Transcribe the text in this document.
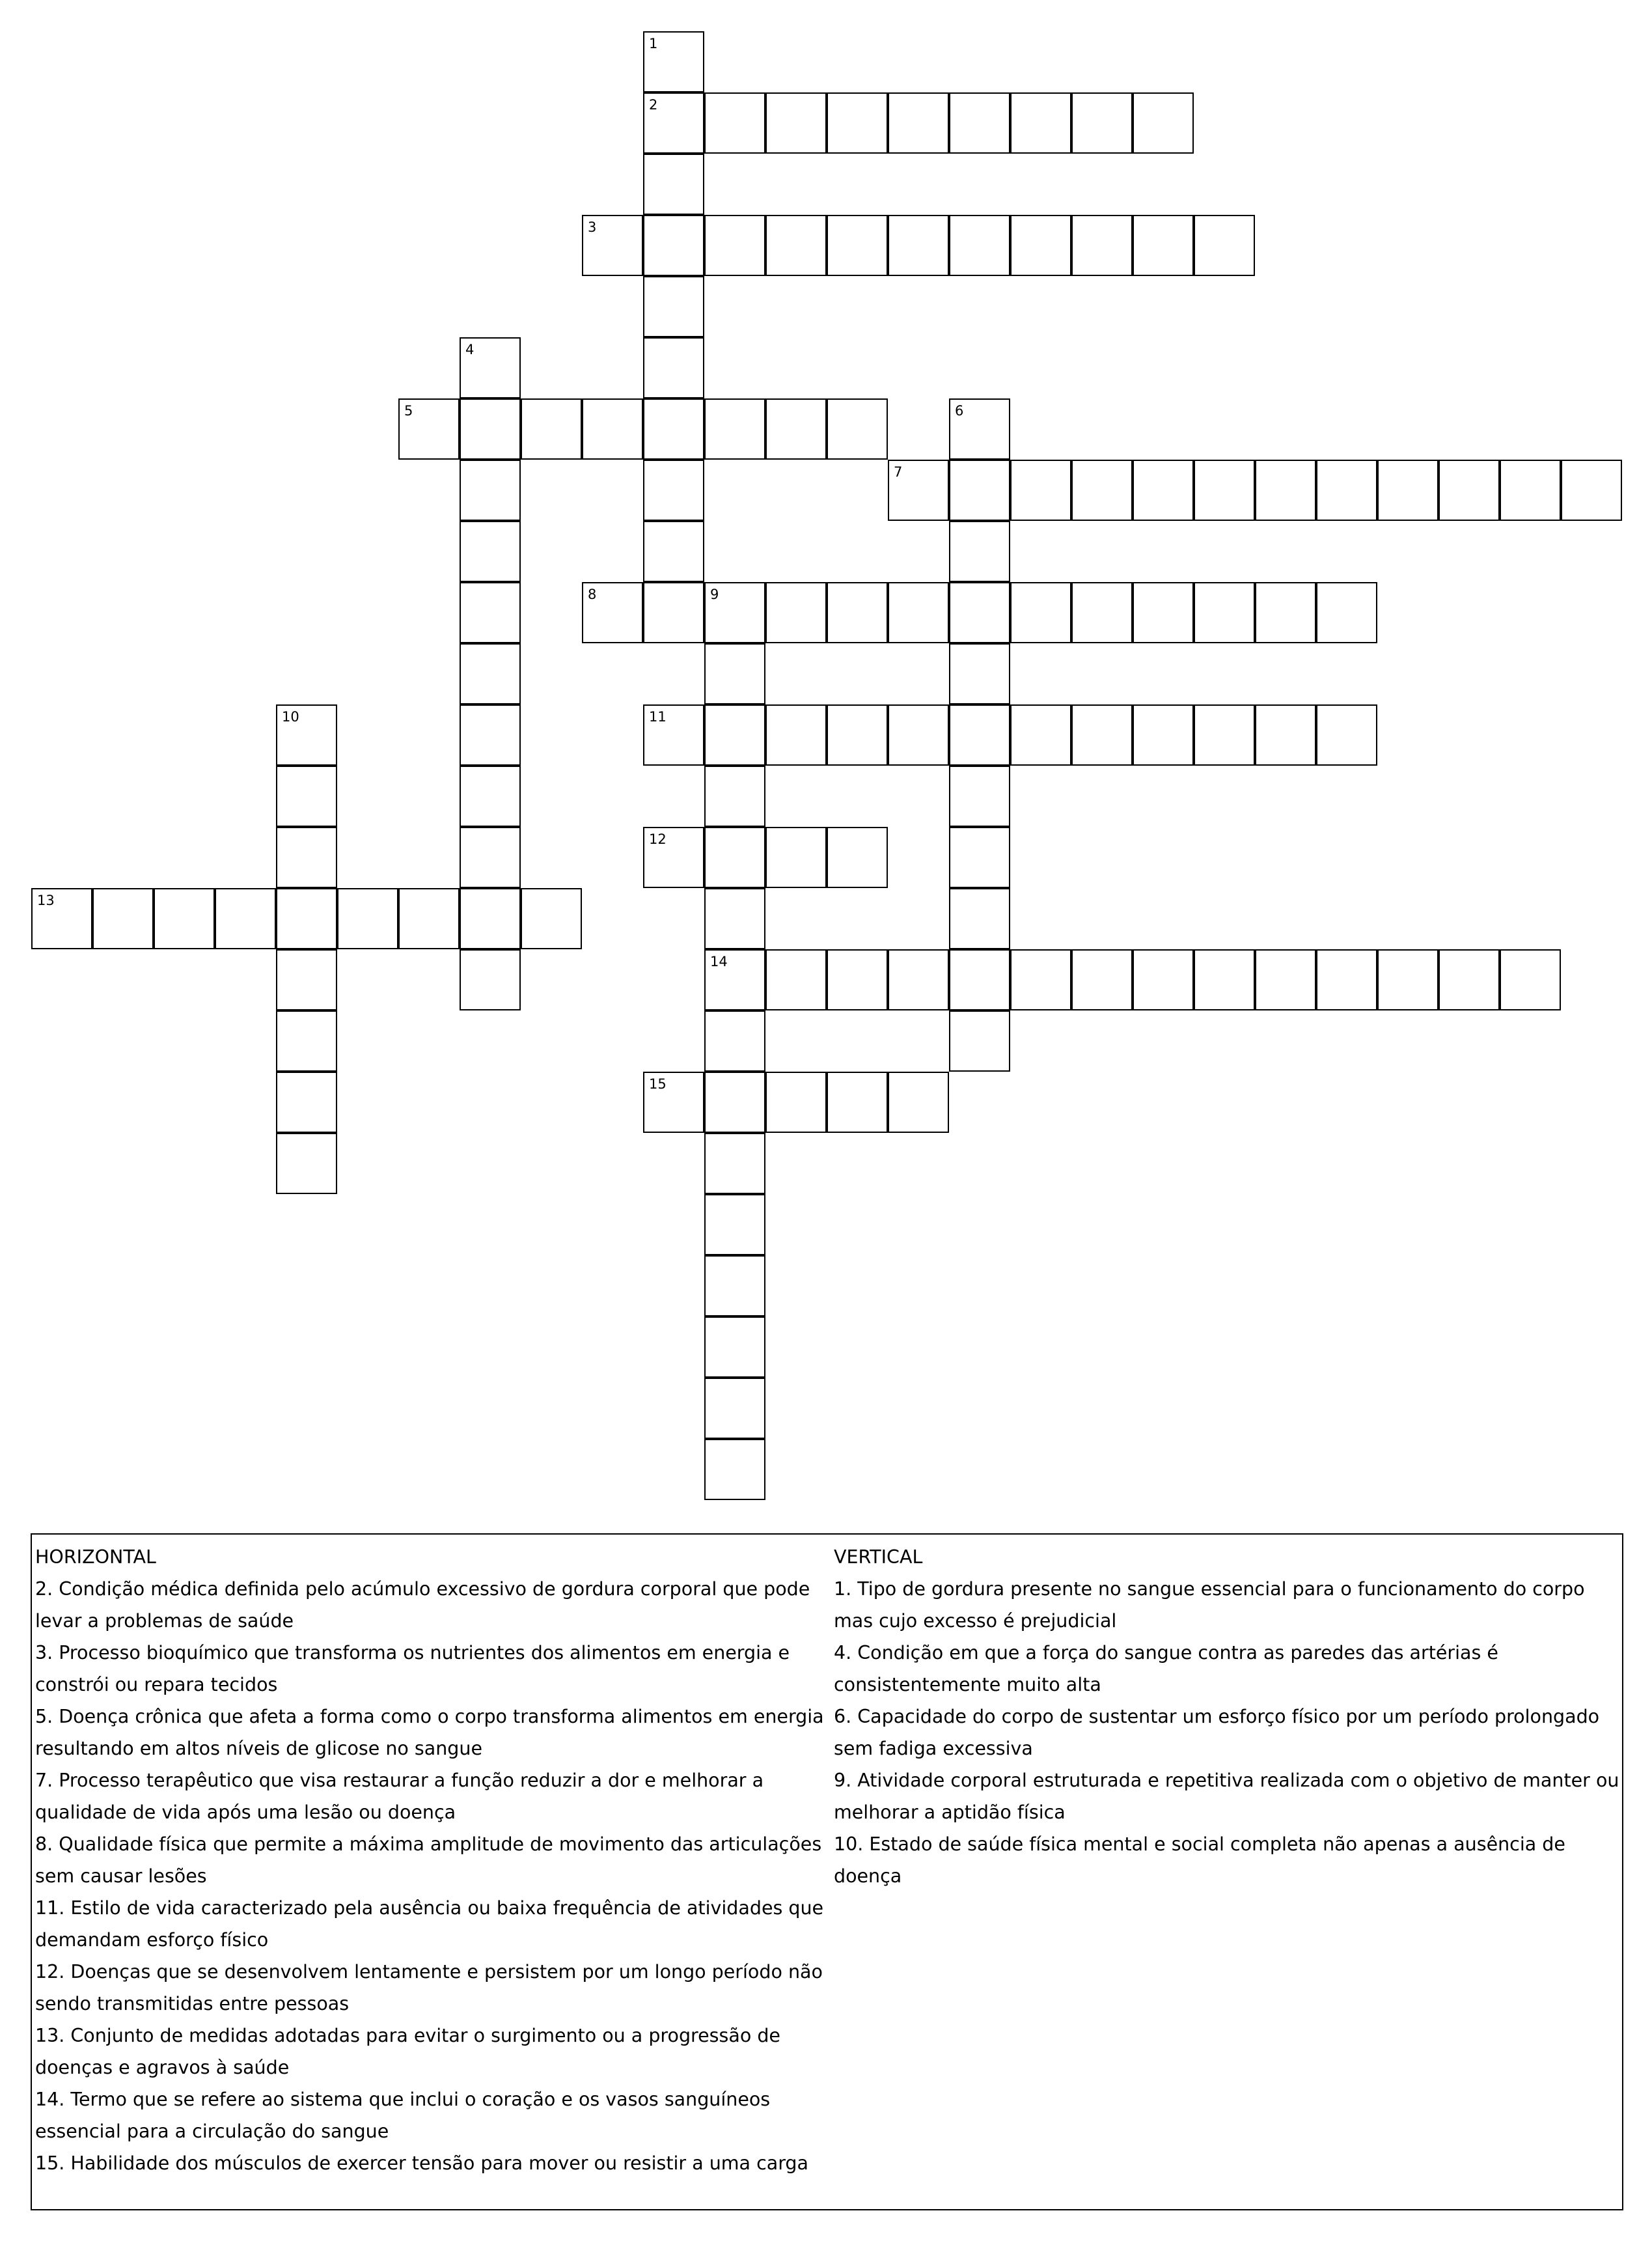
1
2
3
4
5	6
7
8	9
14
10	11
12
13
15
HORIZONTAL
2. Condição médica definida pelo acúmulo excessivo de gordura corporal que pode levar a problemas de saúde
3. Processo bioquímico que transforma os nutrientes dos alimentos em energia e constrói ou repara tecidos
5. Doença crônica que afeta a forma como o corpo transforma alimentos em energia resultando em altos níveis de glicose no sangue
7. Processo terapêutico que visa restaurar a função reduzir a dor e melhorar a qualidade de vida após uma lesão ou doença
8. Qualidade física que permite a máxima amplitude de movimento das articulações sem causar lesões
11. Estilo de vida caracterizado pela ausência ou baixa frequência de atividades que demandam esforço físico
12. Doenças que se desenvolvem lentamente e persistem por um longo período não sendo transmitidas entre pessoas
13. Conjunto de medidas adotadas para evitar o surgimento ou a progressão de doenças e agravos à saúde
14. Termo que se refere ao sistema que inclui o coração e os vasos sanguíneos essencial para a circulação do sangue
15. Habilidade dos músculos de exercer tensão para mover ou resistir a uma carga
VERTICAL
1. Tipo de gordura presente no sangue essencial para o funcionamento do corpo mas cujo excesso é prejudicial
4. Condição em que a força do sangue contra as paredes das artérias é consistentemente muito alta
6. Capacidade do corpo de sustentar um esforço físico por um período prolongado sem fadiga excessiva
9. Atividade corporal estruturada e repetitiva realizada com o objetivo de manter ou melhorar a aptidão física
10. Estado de saúde física mental e social completa não apenas a ausência de doença
